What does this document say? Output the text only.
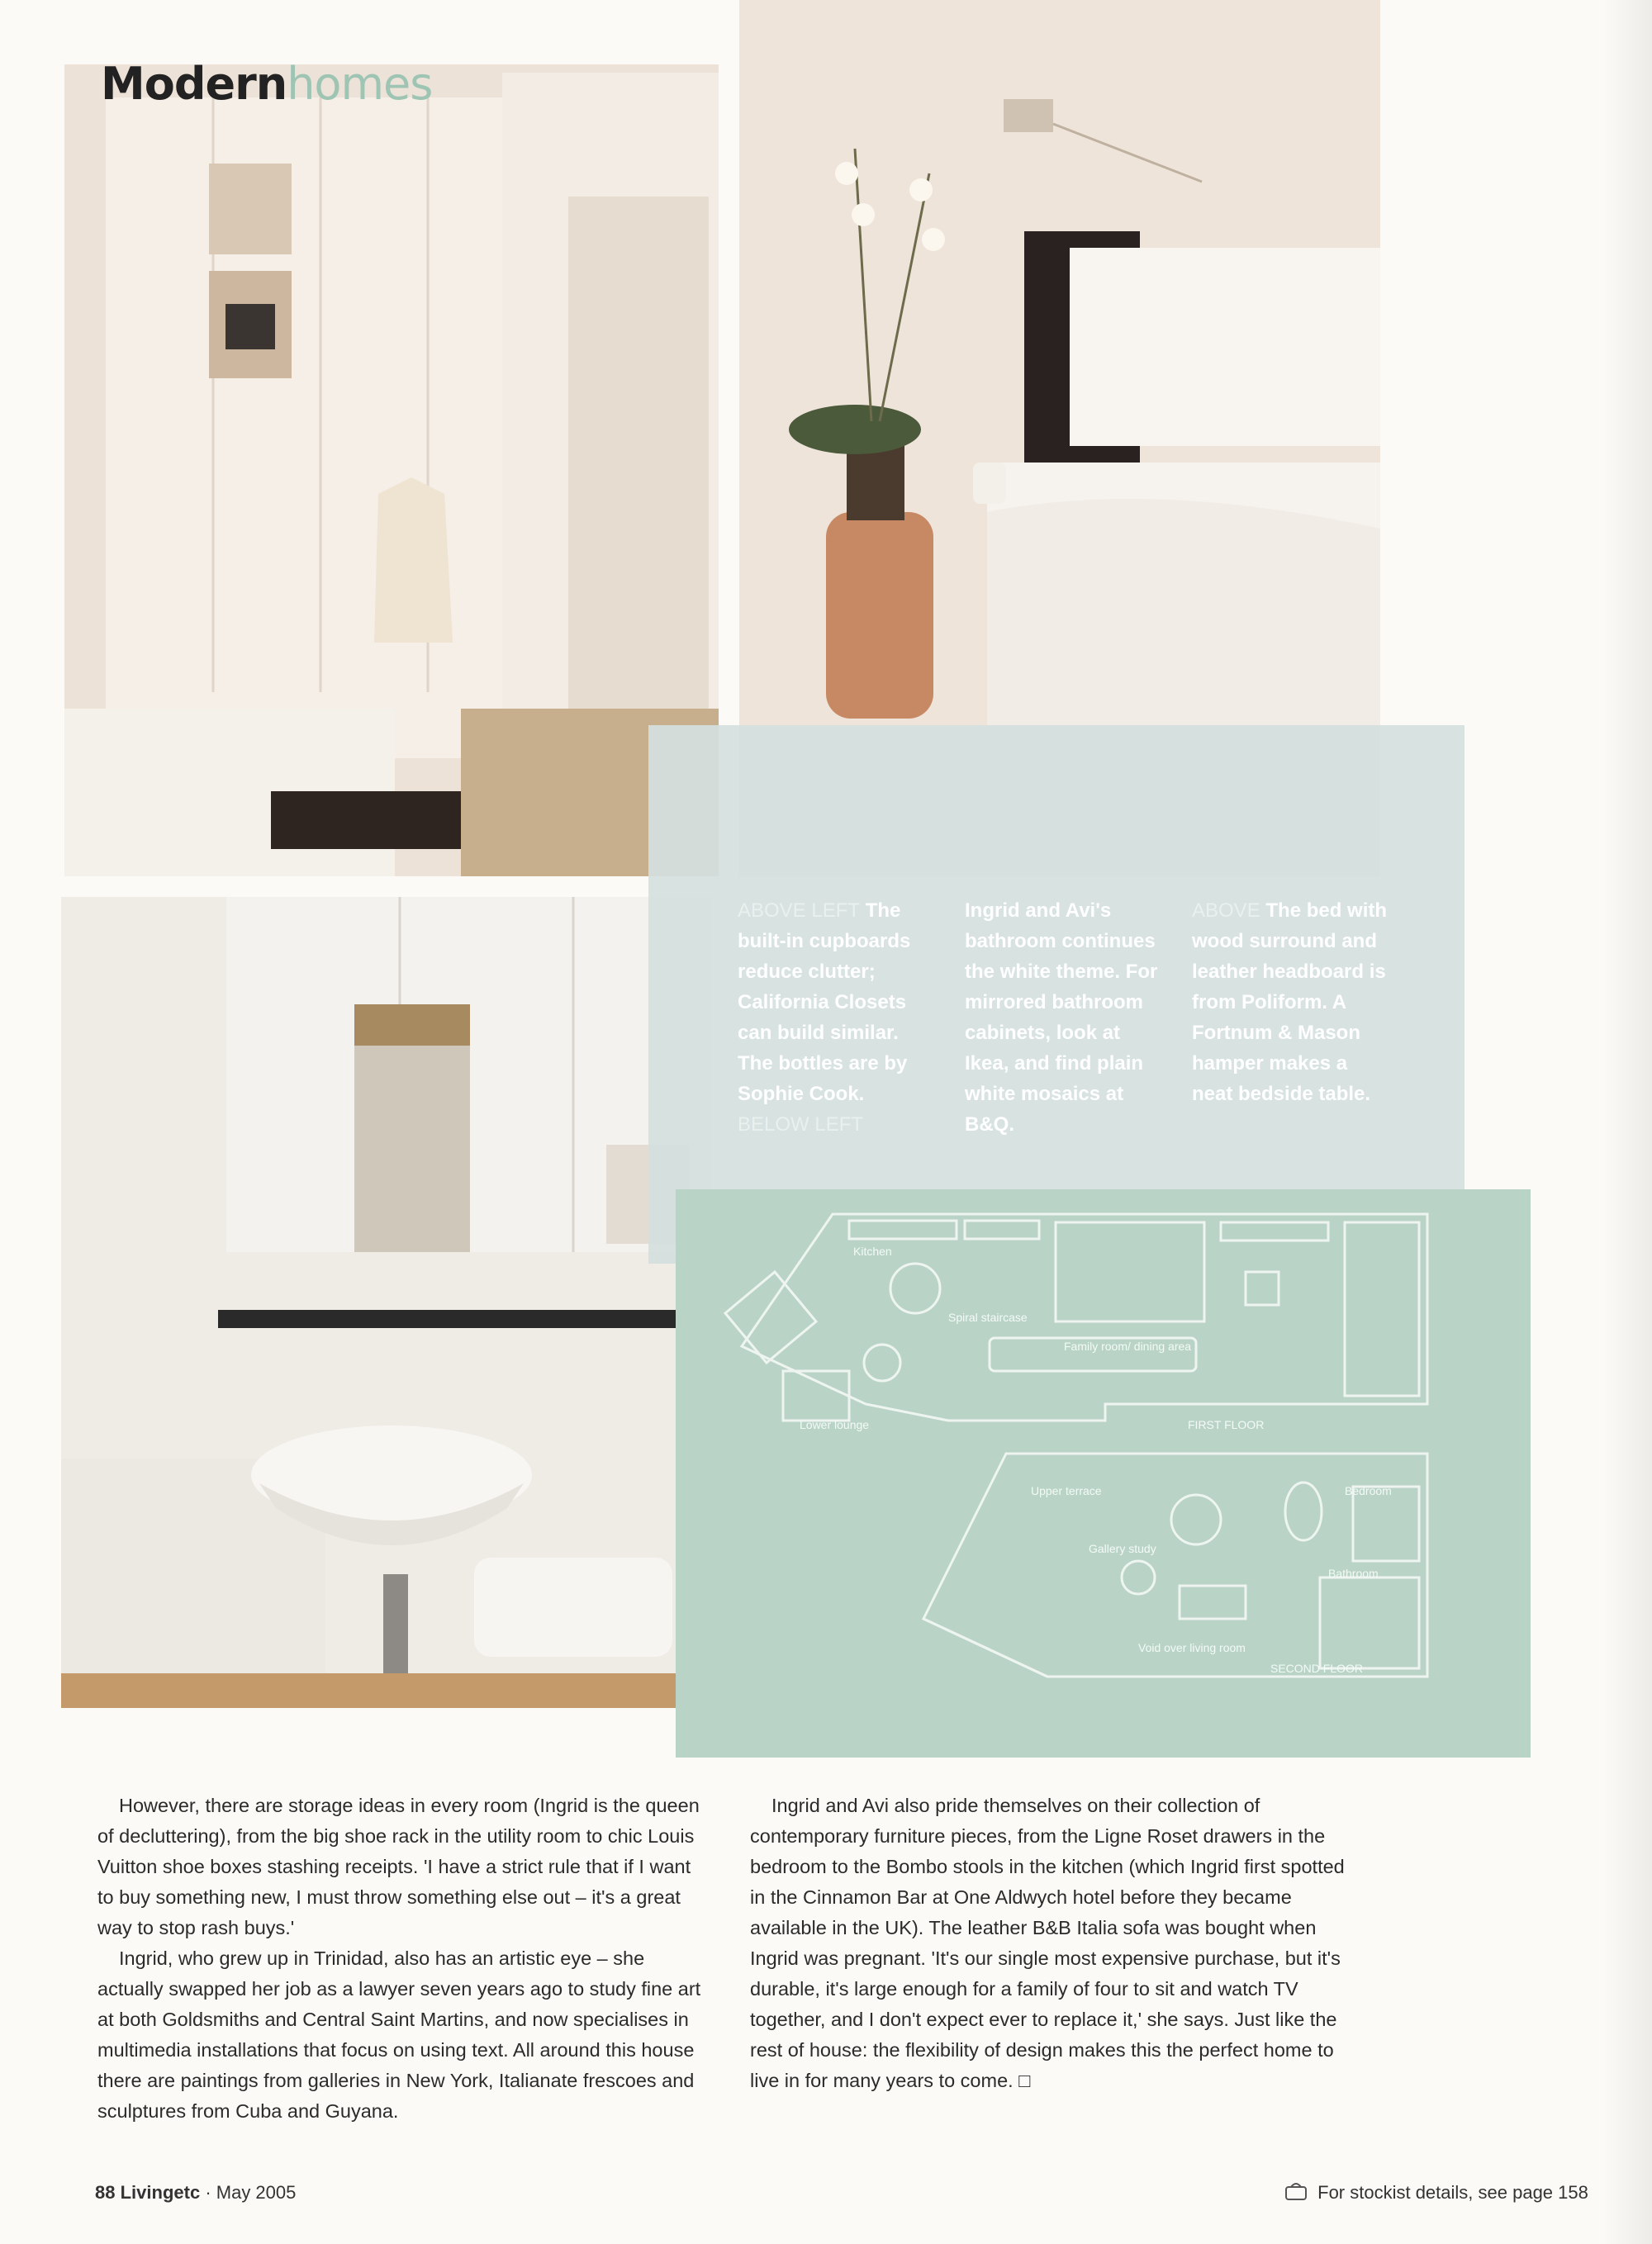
Modernhomes
ABOVE LEFT The built-in cupboards reduce clutter; California Closets can build similar. The bottles are by Sophie Cook.
BELOW LEFT
Ingrid and Avi's bathroom continues the white theme. For mirrored bathroom cabinets, look at Ikea, and find plain white mosaics at B&Q.
ABOVE The bed with wood surround and leather headboard is from Poliform. A Fortnum & Mason hamper makes a neat bedside table.
Kitchen
Spiral staircase
Family room/ dining area
FIRST FLOOR
Upper terrace	Bedroom
Gallery study
Bathroom
Void over living room
SECOND FLOOR
Lower lounge

However, there are storage ideas in every room (Ingrid is the queen of decluttering), from the big shoe rack in the utility room to chic Louis Vuitton shoe boxes stashing receipts. 'I have a strict rule that if I want to buy something new, I must throw something else out – it's a great way to stop rash buys.'

Ingrid, who grew up in Trinidad, also has an artistic eye – she actually swapped her job as a lawyer seven years ago to study fine art at both Goldsmiths and Central Saint Martins, and now specialises in multimedia installations that focus on using text. All around this house there are paintings from galleries in New York, Italianate frescoes and sculptures from Cuba and Guyana.

Ingrid and Avi also pride themselves on their collection of contemporary furniture pieces, from the Ligne Roset drawers in the bedroom to the Bombo stools in the kitchen (which Ingrid first spotted in the Cinnamon Bar at One Aldwych hotel before they became available in the UK). The leather B&B Italia sofa was bought when Ingrid was pregnant. 'It's our single most expensive purchase, but it's durable, it's large enough for a family of four to sit and watch TV together, and I don't expect ever to replace it,' she says. Just like the rest of house: the flexibility of design makes this the perfect home to live in for many years to come. □

88 Livingetc · May 2005	For stockist details, see page 158
